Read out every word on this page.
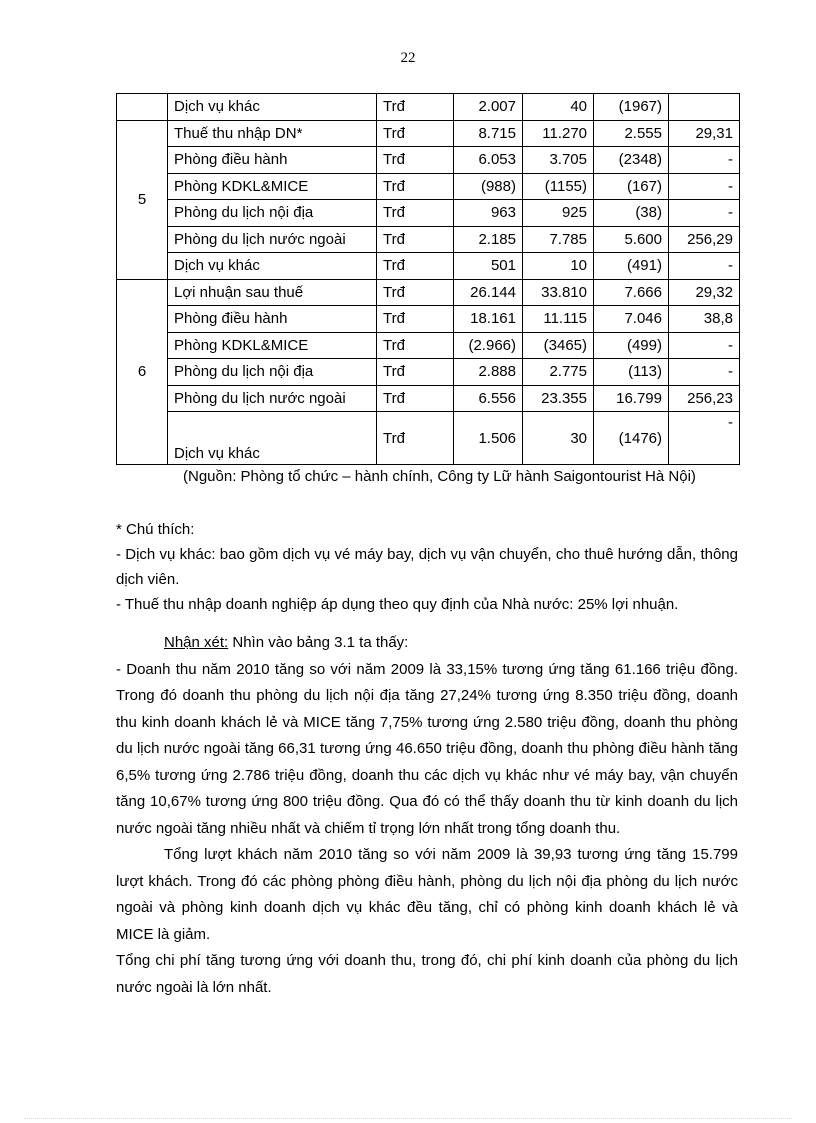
22
	Dịch vụ khác	Trđ	2.007	40	(1967)	
5	Thuế thu nhập DN*	Trđ	8.715	11.270	2.555	29,31
	Phòng điều hành	Trđ	6.053	3.705	(2348)	-
	Phòng KDKL&MICE	Trđ	(988)	(1155)	(167)	-
	Phòng du lịch nội địa	Trđ	963	925	(38)	-
	Phòng du lịch nước ngoài	Trđ	2.185	7.785	5.600	256,29
	Dịch vụ khác	Trđ	501	10	(491)	-
6	Lợi nhuận sau thuế	Trđ	26.144	33.810	7.666	29,32
	Phòng điều hành	Trđ	18.161	11.115	7.046	38,8
	Phòng KDKL&MICE	Trđ	(2.966)	(3465)	(499)	-
	Phòng du lịch nội địa	Trđ	2.888	2.775	(113)	-
	Phòng du lịch nước ngoài	Trđ	6.556	23.355	16.799	256,23
	Dịch vụ khác	Trđ	1.506	30	(1476)	-
(Nguồn: Phòng tổ chức – hành chính, Công ty Lữ hành Saigontourist Hà Nội)

* Chú thích:

- Dịch vụ khác: bao gồm dịch vụ vé máy bay, dịch vụ vận chuyển, cho thuê hướng dẫn, thông dịch viên.

- Thuế thu nhập doanh nghiệp áp dụng theo quy định của Nhà nước: 25% lợi nhuận.

Nhận xét: Nhìn vào bảng 3.1 ta thấy:

- Doanh thu năm 2010 tăng so với năm 2009 là 33,15% tương ứng tăng 61.166 triệu đồng. Trong đó doanh thu phòng du lịch nội địa tăng 27,24% tương ứng 8.350 triệu đồng, doanh thu kinh doanh khách lẻ và MICE tăng 7,75% tương ứng 2.580 triệu đồng, doanh thu phòng du lịch nước ngoài tăng 66,31 tương ứng 46.650 triệu đồng, doanh thu phòng điều hành tăng 6,5% tương ứng 2.786 triệu đồng, doanh thu các dịch vụ khác như vé máy bay, vận chuyển tăng 10,67% tương ứng 800 triệu đồng. Qua đó có thể thấy doanh thu từ kinh doanh du lịch nước ngoài tăng nhiều nhất và chiếm tỉ trọng lớn nhất trong tổng doanh thu.

Tổng lượt khách năm 2010 tăng so với năm 2009 là 39,93 tương ứng tăng 15.799 lượt khách. Trong đó các phòng phòng điều hành, phòng du lịch nội địa phòng du lịch nước ngoài và phòng kinh doanh dịch vụ khác đều tăng, chỉ có phòng kinh doanh khách lẻ và MICE là giảm.

Tổng chi phí tăng tương ứng với doanh thu, trong đó, chi phí kinh doanh của phòng du lịch nước ngoài là lớn nhất.
